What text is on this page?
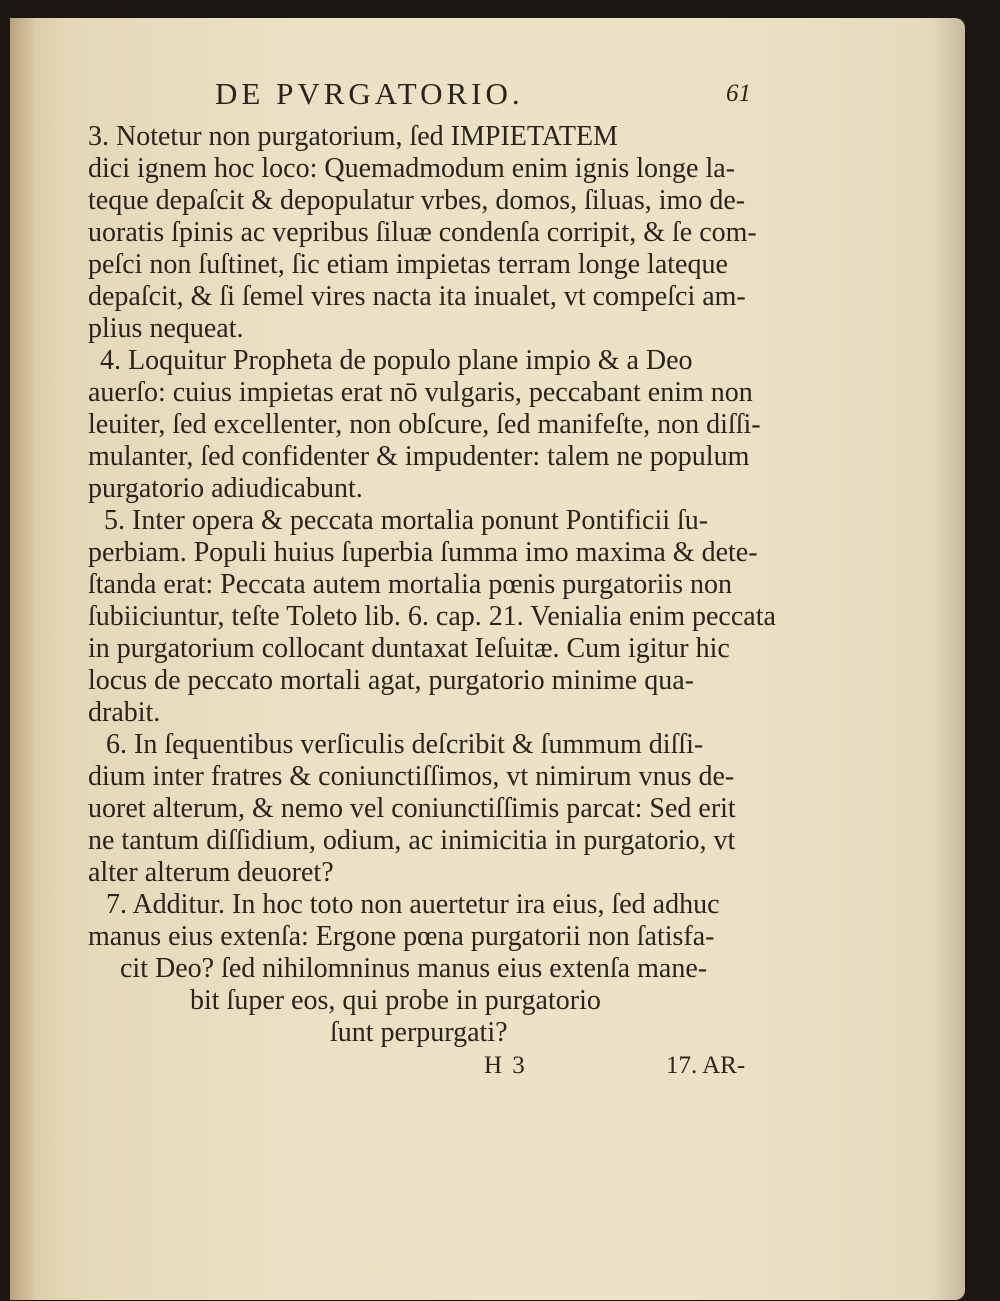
DE PVRGATORIO.	61
3. Notetur non purgatorium, ſed IMPIETATEM
dici ignem hoc loco: Quemadmodum enim ignis longe la-
teque depaſcit & depopulatur vrbes, domos, ſiluas, imo de-
uoratis ſpinis ac vepribus ſiluæ condenſa corripit, & ſe com-
peſci non ſuſtinet, ſic etiam impietas terram longe lateque
depaſcit, & ſi ſemel vires nacta ita inualet, vt compeſci am-
plius nequeat.
4. Loquitur Propheta de populo plane impio & a Deo
auerſo: cuius impietas erat nō vulgaris, peccabant enim non
leuiter, ſed excellenter, non obſcure, ſed manifeſte, non diſſi-
mulanter, ſed confidenter & impudenter: talem ne populum
purgatorio adiudicabunt.
5. Inter opera & peccata mortalia ponunt Pontificii ſu-
perbiam. Populi huius ſuperbia ſumma imo maxima & dete-
ſtanda erat: Peccata autem mortalia pœnis purgatoriis non
ſubiiciuntur, teſte Toleto lib. 6. cap. 21. Venialia enim peccata
in purgatorium collocant duntaxat Ieſuitæ. Cum igitur hic
locus de peccato mortali agat, purgatorio minime qua-
drabit.
6. In ſequentibus verſiculis deſcribit & ſummum diſſi-
dium inter fratres & coniunctiſſimos, vt nimirum vnus de-
uoret alterum, & nemo vel coniunctiſſimis parcat: Sed erit
ne tantum diſſidium, odium, ac inimicitia in purgatorio, vt
alter alterum deuoret?
7. Additur. In hoc toto non auertetur ira eius, ſed adhuc
manus eius extenſa: Ergone pœna purgatorii non ſatisfa-
cit Deo? ſed nihilomninus manus eius extenſa mane-
bit ſuper eos, qui probe in purgatorio
ſunt perpurgati?
H 3	17. AR-
